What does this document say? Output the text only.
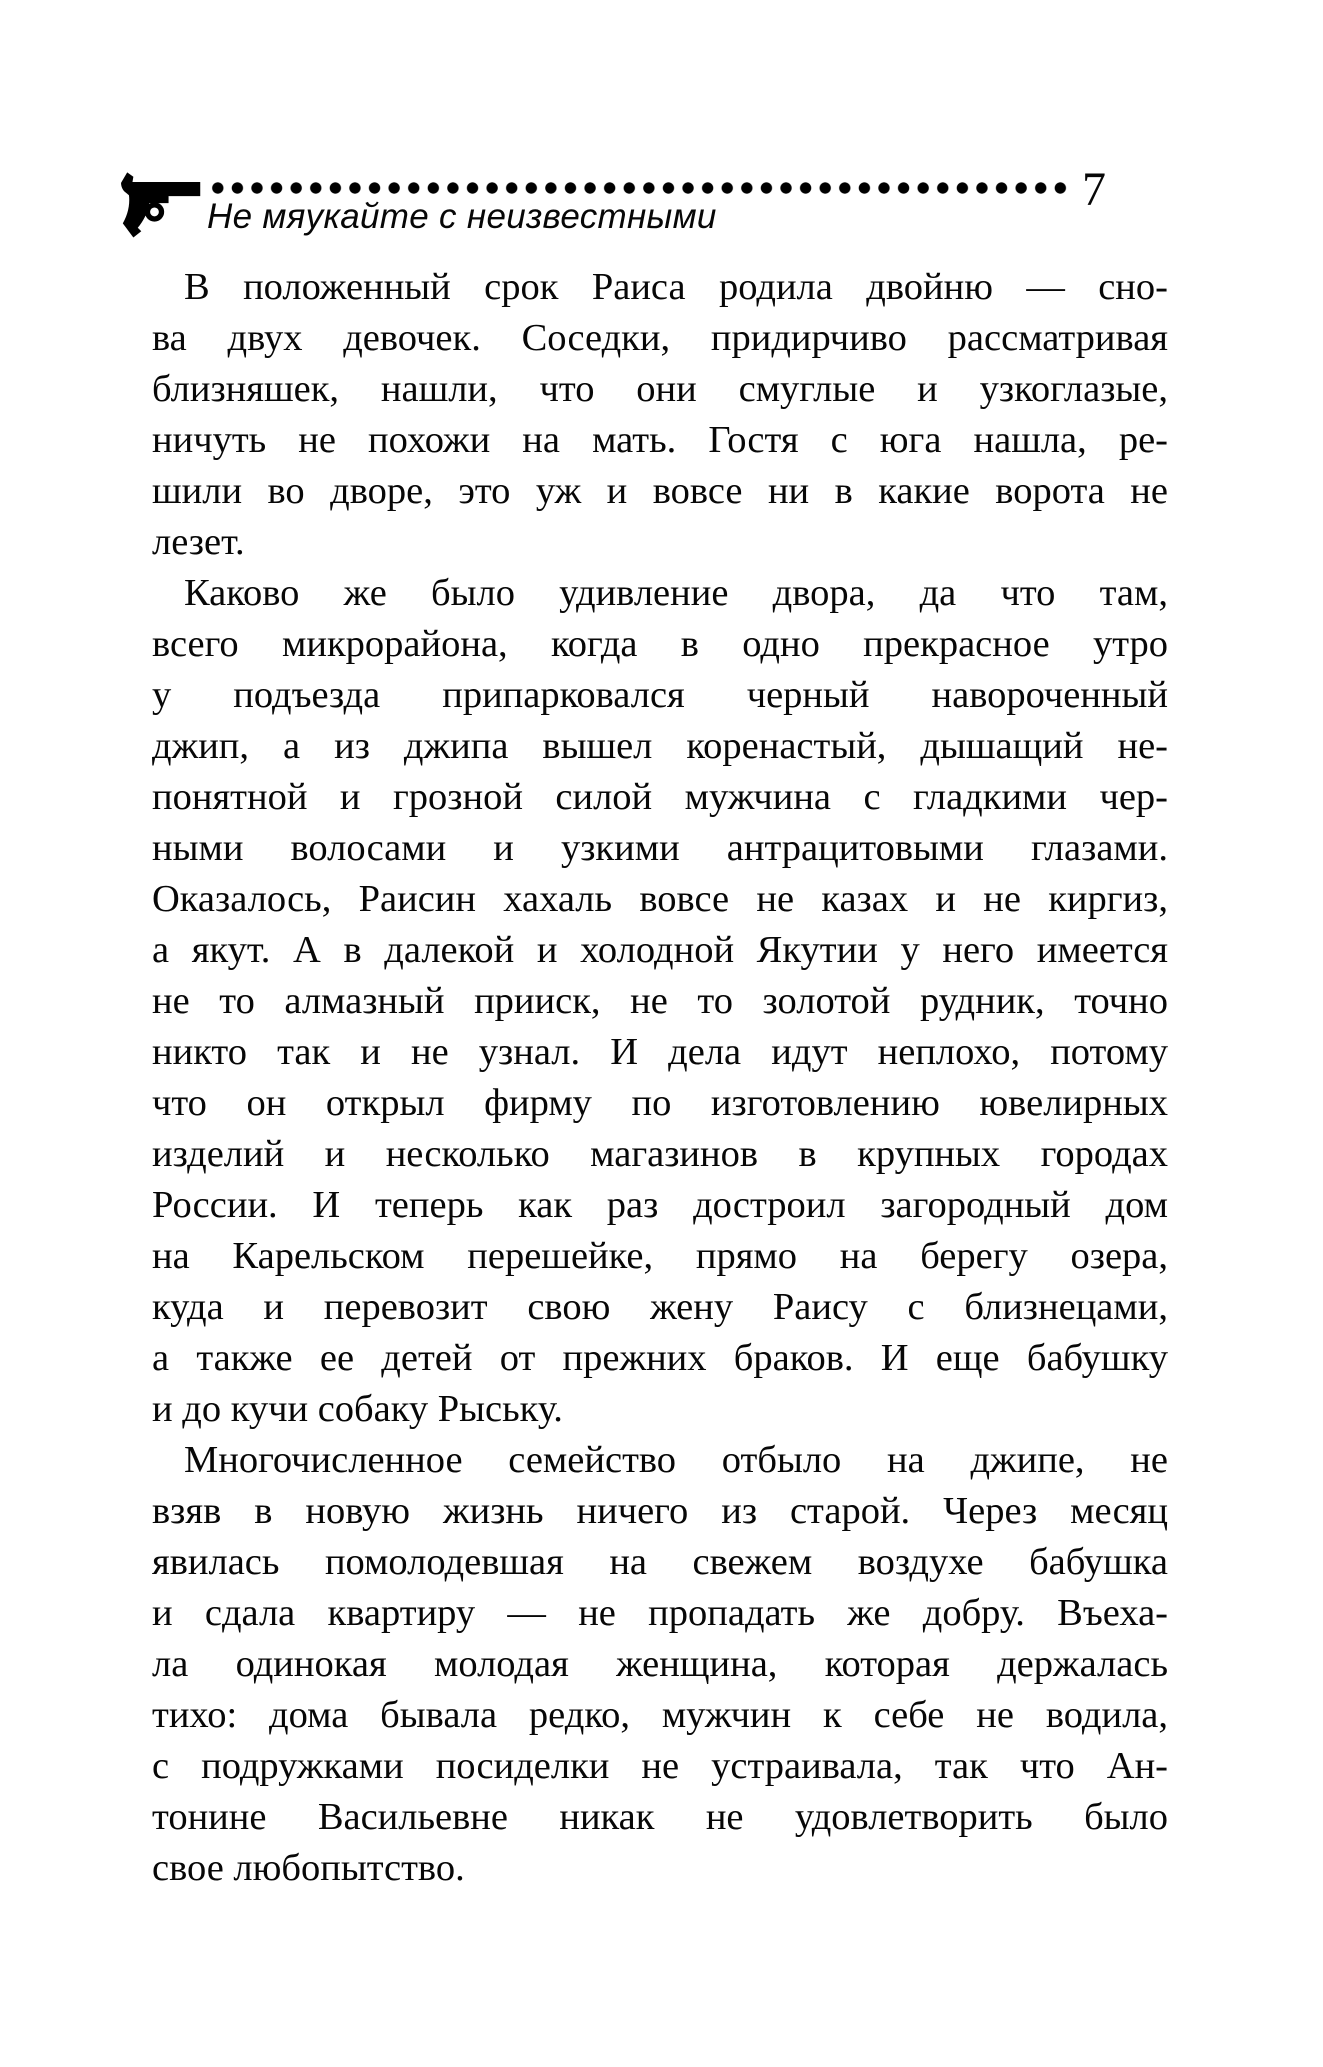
7
Не мяукайте с неизвестными
В положенный срок Раиса родила двойню — сно-
ва двух девочек. Соседки, придирчиво рассматривая
близняшек, нашли, что они смуглые и узкоглазые,
ничуть не похожи на мать. Гостя с юга нашла, ре-
шили во дворе, это уж и вовсе ни в какие ворота не
лезет.
Каково же было удивление двора, да что там,
всего микрорайона, когда в одно прекрасное утро
у подъезда припарковался черный навороченный
джип, а из джипа вышел коренастый, дышащий не-
понятной и грозной силой мужчина с гладкими чер-
ными волосами и узкими антрацитовыми глазами.
Оказалось, Раисин хахаль вовсе не казах и не киргиз,
а якут. А в далекой и холодной Якутии у него имеется
не то алмазный прииск, не то золотой рудник, точно
никто так и не узнал. И дела идут неплохо, потому
что он открыл фирму по изготовлению ювелирных
изделий и несколько магазинов в крупных городах
России. И теперь как раз достроил загородный дом
на Карельском перешейке, прямо на берегу озера,
куда и перевозит свою жену Раису с близнецами,
а также ее детей от прежних браков. И еще бабушку
и до кучи собаку Рыську.
Многочисленное семейство отбыло на джипе, не
взяв в новую жизнь ничего из старой. Через месяц
явилась помолодевшая на свежем воздухе бабушка
и сдала квартиру — не пропадать же добру. Въеха-
ла одинокая молодая женщина, которая держалась
тихо: дома бывала редко, мужчин к себе не водила,
с подружками посиделки не устраивала, так что Ан-
тонине Васильевне никак не удовлетворить было
свое любопытство.
